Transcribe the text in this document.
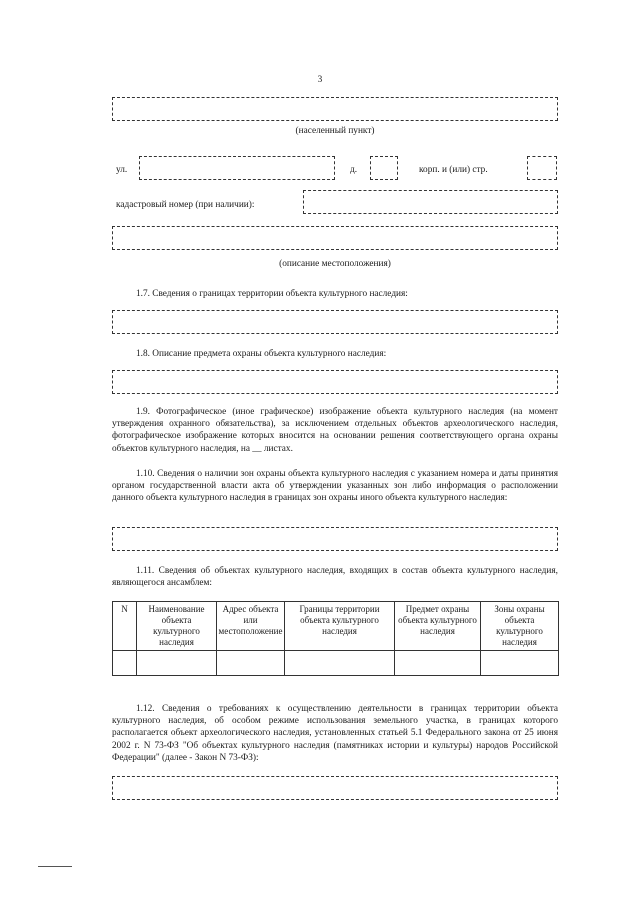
3
(населенный пункт)
ул.	д.	корп. и (или) стр.
кадастровый номер (при наличии):
(описание местоположения)
1.7. Сведения о границах территории объекта культурного наследия:
1.8. Описание предмета охраны объекта культурного наследия:
1.9. Фотографическое (иное графическое) изображение объекта культурного наследия (на момент утверждения охранного обязательства), за исключением отдельных объектов археологического наследия, фотографическое изображение которых вносится на основании решения соответствующего органа охраны объектов культурного наследия, на __ листах.
1.10. Сведения о наличии зон охраны объекта культурного наследия с указанием номера и даты принятия органом государственной власти акта об утверждении указанных зон либо информация о расположении данного объекта культурного наследия в границах зон охраны иного объекта культурного наследия:
1.11. Сведения об объектах культурного наследия, входящих в состав объекта культурного наследия, являющегося ансамблем:
N	Наименование объекта культурного наследия	Адрес объекта или местоположение	Границы территории объекта культурного наследия	Предмет охраны объекта культурного наследия	Зоны охраны объекта культурного наследия

1.12. Сведения о требованиях к осуществлению деятельности в границах территории объекта культурного наследия, об особом режиме использования земельного участка, в границах которого располагается объект археологического наследия, установленных статьей 5.1 Федерального закона от 25 июня 2002 г. N 73-ФЗ "Об объектах культурного наследия (памятниках истории и культуры) народов Российской Федерации" (далее - Закон N 73-ФЗ):
